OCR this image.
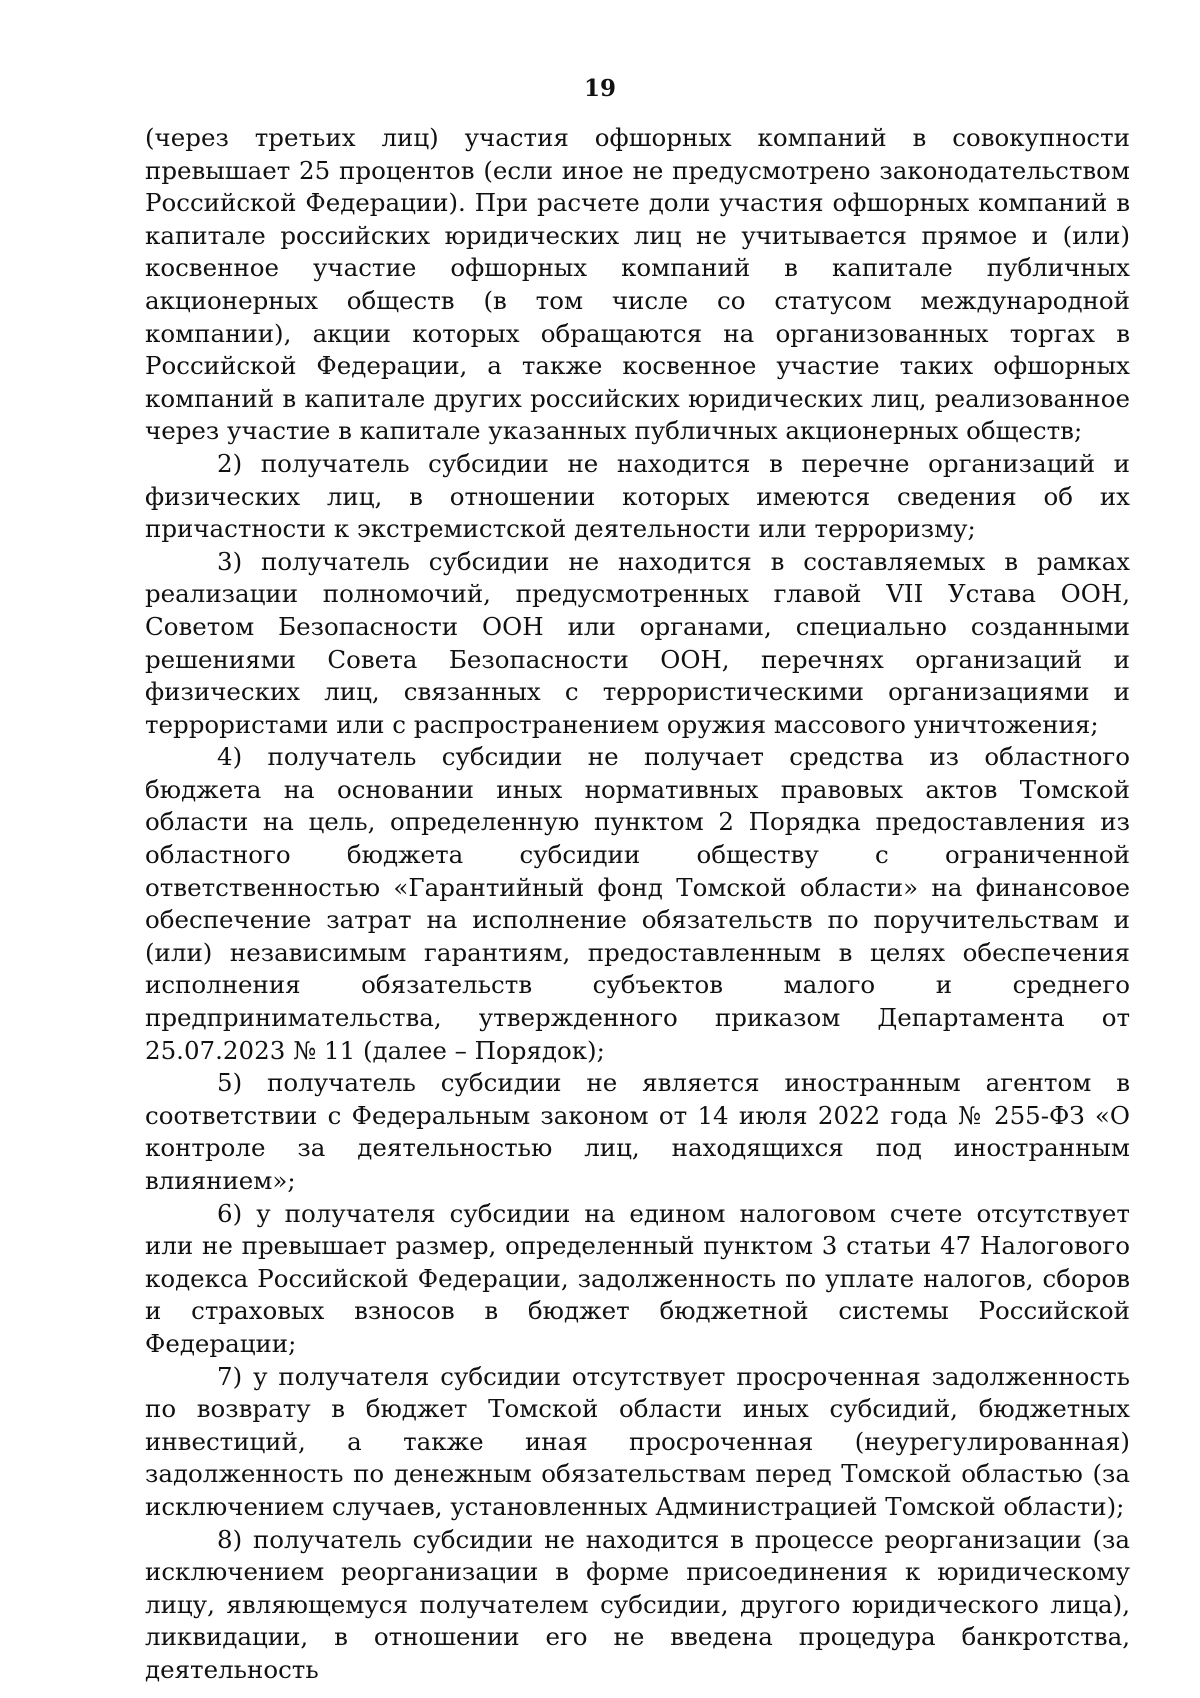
19

(через третьих лиц) участия офшорных компаний в совокупности превышает 25 процентов (если иное не предусмотрено законодательством Российской Федерации). При расчете доли участия офшорных компаний в капитале российских юридических лиц не учитывается прямое и (или) косвенное участие офшорных компаний в капитале публичных акционерных обществ (в том числе со статусом международной компании), акции которых обращаются на организованных торгах в Российской Федерации, а также косвенное участие таких офшорных компаний в капитале других российских юридических лиц, реализованное через участие в капитале указанных публичных акционерных обществ;

2) получатель субсидии не находится в перечне организаций и физических лиц, в отношении которых имеются сведения об их причастности к экстремистской деятельности или терроризму;

3) получатель субсидии не находится в составляемых в рамках реализации полномочий, предусмотренных главой VII Устава ООН, Советом Безопасности ООН или органами, специально созданными решениями Совета Безопасности ООН, перечнях организаций и физических лиц, связанных с террористическими организациями и террористами или с распространением оружия массового уничтожения;

4) получатель субсидии не получает средства из областного бюджета на основании иных нормативных правовых актов Томской области на цель, определенную пунктом 2 Порядка предоставления из областного бюджета субсидии обществу с ограниченной ответственностью «Гарантийный фонд Томской области» на финансовое обеспечение затрат на исполнение обязательств по поручительствам и (или) независимым гарантиям, предоставленным в целях обеспечения исполнения обязательств субъектов малого и среднего предпринимательства, утвержденного приказом Департамента от 25.07.2023 № 11 (далее – Порядок);

5) получатель субсидии не является иностранным агентом в соответствии с Федеральным законом от 14 июля 2022 года № 255-ФЗ «О контроле за деятельностью лиц, находящихся под иностранным влиянием»;

6) у получателя субсидии на едином налоговом счете отсутствует или не превышает размер, определенный пунктом 3 статьи 47 Налогового кодекса Российской Федерации, задолженность по уплате налогов, сборов и страховых взносов в бюджет бюджетной системы Российской Федерации;

7) у получателя субсидии отсутствует просроченная задолженность по возврату в бюджет Томской области иных субсидий, бюджетных инвестиций, а также иная просроченная (неурегулированная) задолженность по денежным обязательствам перед Томской областью (за исключением случаев, установленных Администрацией Томской области);

8) получатель субсидии не находится в процессе реорганизации (за исключением реорганизации в форме присоединения к юридическому лицу, являющемуся получателем субсидии, другого юридического лица), ликвидации, в отношении его не введена процедура банкротства, деятельность
